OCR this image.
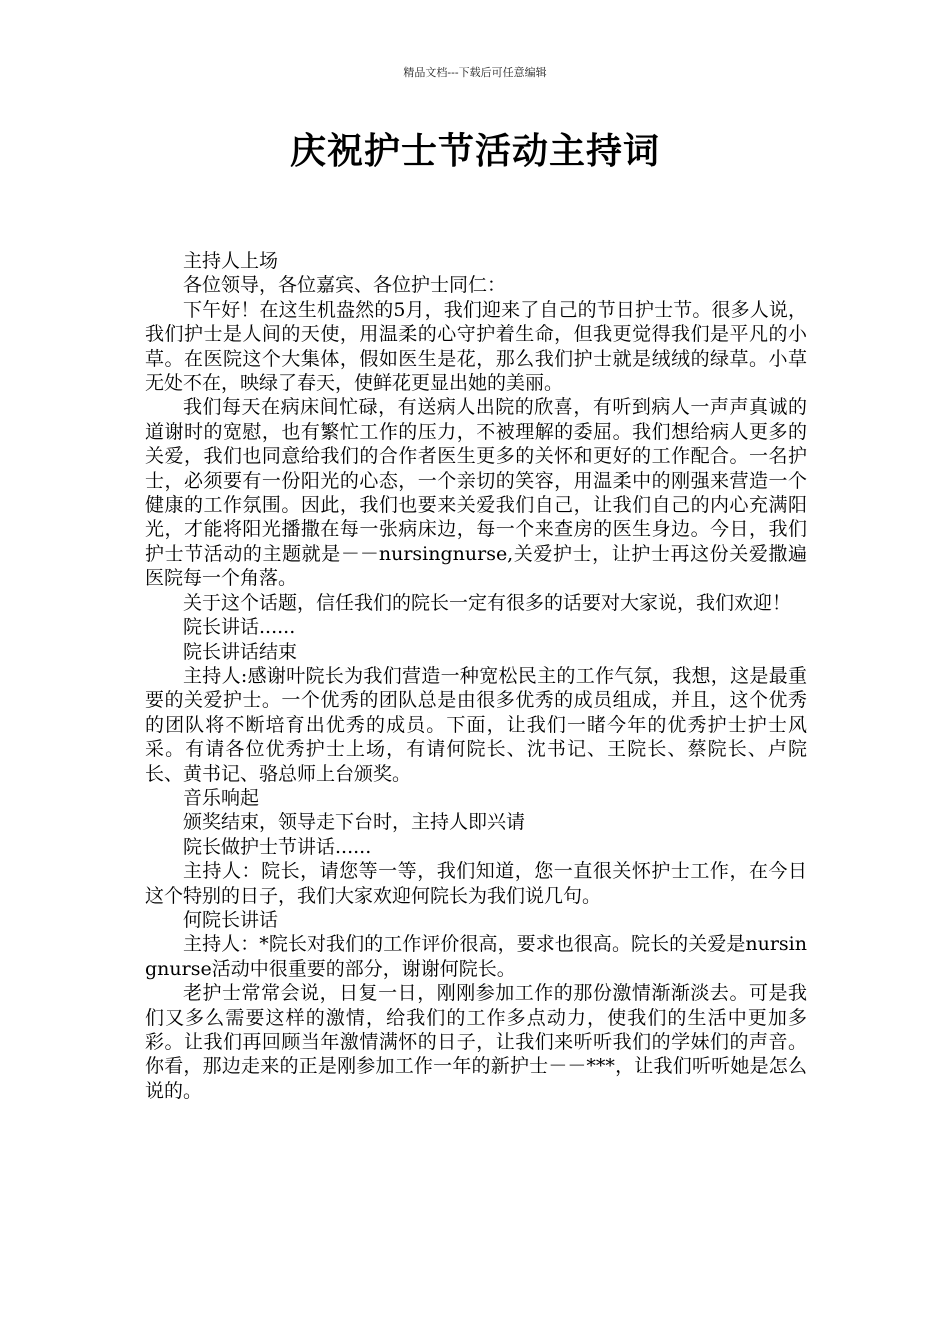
精品文档---下载后可任意编辑
庆祝护士节活动主持词

主持人上场

各位领导，各位嘉宾、各位护士同仁：

下午好！在这生机盎然的5月，我们迎来了自己的节日护士节。很多人说，我们护士是人间的天使，用温柔的心守护着生命，但我更觉得我们是平凡的小草。在医院这个大集体，假如医生是花，那么我们护士就是绒绒的绿草。小草无处不在，映绿了春天，使鲜花更显出她的美丽。

我们每天在病床间忙碌，有送病人出院的欣喜，有听到病人一声声真诚的道谢时的宽慰，也有繁忙工作的压力，不被理解的委屈。我们想给病人更多的关爱，我们也同意给我们的合作者医生更多的关怀和更好的工作配合。一名护士，必须要有一份阳光的心态，一个亲切的笑容，用温柔中的刚强来营造一个健康的工作氛围。因此，我们也要来关爱我们自己，让我们自己的内心充满阳光，才能将阳光播撒在每一张病床边，每一个来查房的医生身边。今日，我们护士节活动的主题就是－－nursingnurse,关爱护士，让护士再这份关爱撒遍医院每一个角落。

关于这个话题，信任我们的院长一定有很多的话要对大家说，我们欢迎！

院长讲话......

院长讲话结束

主持人:感谢叶院长为我们营造一种宽松民主的工作气氛，我想，这是最重要的关爱护士。一个优秀的团队总是由很多优秀的成员组成，并且，这个优秀的团队将不断培育出优秀的成员。下面，让我们一睹今年的优秀护士护士风采。有请各位优秀护士上场，有请何院长、沈书记、王院长、蔡院长、卢院长、黄书记、骆总师上台颁奖。

音乐响起

颁奖结束，领导走下台时，主持人即兴请

院长做护士节讲话......

主持人：院长，请您等一等，我们知道，您一直很关怀护士工作，在今日这个特别的日子，我们大家欢迎何院长为我们说几句。

何院长讲话

主持人：*院长对我们的工作评价很高，要求也很高。院长的关爱是nursingnurse活动中很重要的部分，谢谢何院长。

老护士常常会说，日复一日，刚刚参加工作的那份激情渐渐淡去。可是我们又多么需要这样的激情，给我们的工作多点动力，使我们的生活中更加多彩。让我们再回顾当年激情满怀的日子，让我们来听听我们的学妹们的声音。你看，那边走来的正是刚参加工作一年的新护士－－***，让我们听听她是怎么说的。
